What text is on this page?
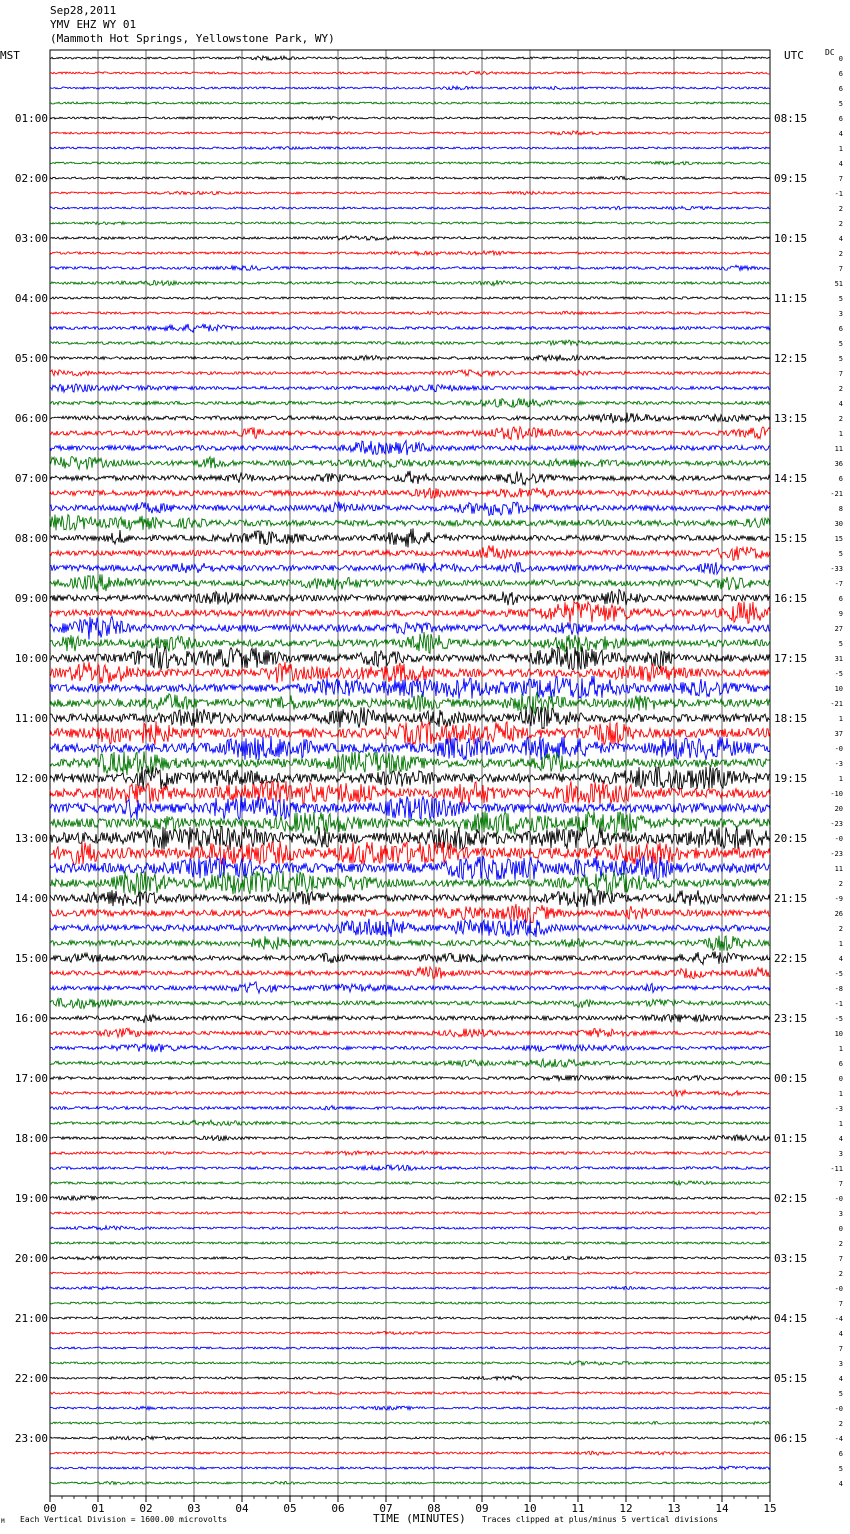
Sep28,2011
YMV EHZ WY 01
(Mammoth Hot Springs, Yellowstone Park, WY)
MST	UTC	DC
00	01	02	03	04	05	06	07	08	09	10	11	12	13	14	15
0
6
6
5
6
4
1
4
7
-1
2
2
4
2
7
51
5
3
6
5
5
7
2
4
2
1
11
36
6
-21
8
30
15
5
-33
-7
6
9
27
5
31
-5
10
-21
1
37
-0
-3
1
-10
20
-23
-0
-23
11
2
-9
26
2
1
4
-5
-8
-1
-5
10
1
6
0
1
-3
1
4
3
-11
7
-0
3
0
2
7
2
-0
7
-4
4
7
3
4
5
-0
2
-4
6
5
4
01:00	08:15
02:00	09:15
03:00	10:15
04:00	11:15
05:00	12:15
06:00	13:15
07:00	14:15
08:00	15:15
09:00	16:15
10:00	17:15
11:00	18:15
12:00	19:15
13:00	20:15
14:00	21:15
15:00	22:15
16:00	23:15
17:00	00:15
18:00	01:15
19:00	02:15
20:00	03:15
21:00	04:15
22:00	05:15
23:00	06:15
Each Vertical Division = 1600.00 microvolts
M	TIME (MINUTES) Traces clipped at plus/minus 5 vertical divisions
